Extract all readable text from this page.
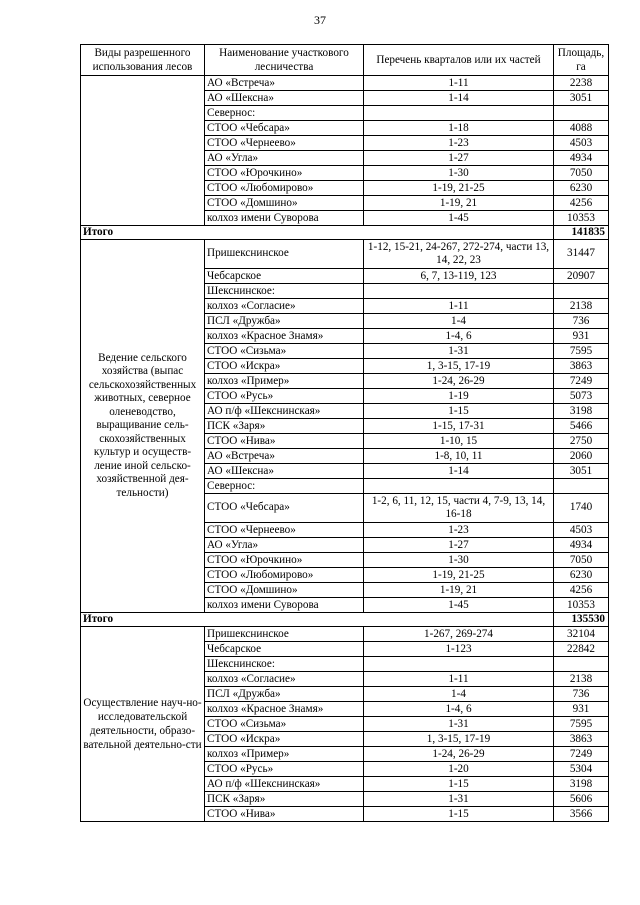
37
Виды разрешенного использования лесов	Наименование участкового лесничества	Перечень кварталов или их частей	Площадь, га
	АО «Встреча»	1-11	2238
	АО «Шексна»	1-14	3051
	Севернос:		
	СТОО «Чебсара»	1-18	4088
	СТОО «Чернеево»	1-23	4503
	АО «Угла»	1-27	4934
	СТОО «Юрочкино»	1-30	7050
	СТОО «Любомирово»	1-19, 21-25	6230
	СТОО «Домшино»	1-19, 21	4256
	колхоз имени Суворова	1-45	10353
Итого			141835
Ведение сельского хозяйства (выпас сельскохозяйственных животных, северное оленеводство, выращивание сель-скохозяйственных культур и осуществ-ление иной сельско-хозяйственной дея-тельности)	Пришекснинское	1-12, 15-21, 24-267, 272-274, части 13, 14, 22, 23	31447
	Чебсарское	6, 7, 13-119, 123	20907
	Шекснинское:		
	колхоз «Согласие»	1-11	2138
	ПСЛ «Дружба»	1-4	736
	колхоз «Красное Знамя»	1-4, 6	931
	СТОО «Сизьма»	1-31	7595
	СТОО «Искра»	1, 3-15, 17-19	3863
	колхоз «Пример»	1-24, 26-29	7249
	СТОО «Русь»	1-19	5073
	АО п/ф «Шекснинская»	1-15	3198
	ПСК «Заря»	1-15, 17-31	5466
	СТОО «Нива»	1-10, 15	2750
	АО «Встреча»	1-8, 10, 11	2060
	АО «Шексна»	1-14	3051
	Севернос:		
	СТОО «Чебсара»	1-2, 6, 11, 12, 15, части 4, 7-9, 13, 14, 16-18	1740
	СТОО «Чернеево»	1-23	4503
	АО «Угла»	1-27	4934
	СТОО «Юрочкино»	1-30	7050
	СТОО «Любомирово»	1-19, 21-25	6230
	СТОО «Домшино»	1-19, 21	4256
	колхоз имени Суворова	1-45	10353
Итого			135530
Осуществление науч-но-исследовательской деятельности, образо-вательной деятельно-сти	Пришекснинское	1-267, 269-274	32104
	Чебсарское	1-123	22842
	Шекснинское:		
	колхоз «Согласие»	1-11	2138
	ПСЛ «Дружба»	1-4	736
	колхоз «Красное Знамя»	1-4, 6	931
	СТОО «Сизьма»	1-31	7595
	СТОО «Искра»	1, 3-15, 17-19	3863
	колхоз «Пример»	1-24, 26-29	7249
	СТОО «Русь»	1-20	5304
	АО п/ф «Шекснинская»	1-15	3198
	ПСК «Заря»	1-31	5606
	СТОО «Нива»	1-15	3566
